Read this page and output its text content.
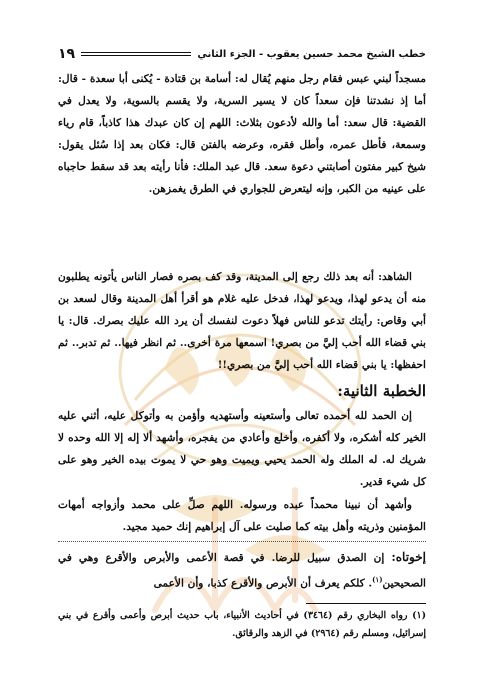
خطب الشيخ محمد حسين يعقوب - الجزء الثاني
١٩
مسجداً لبني عبس فقام رجل منهم يُقال له: أسامة بن قتادة - يُكنى أبا سعدة - قال: أما إذ نشدتنا فإن سعداً كان لا يسير السرية، ولا يقسم بالسوية، ولا يعدل في القضية: قال سعد: أما والله لأدعون بثلاث: اللهم إن كان عبدك هذا كاذباً، قام رياء وسمعة، فأطل عمره، وأطل فقره، وعرضه بالفتن قال: فكان بعد إذا سُئل يقول: شيخ كبير مفتون أصابتني دعوة سعد. قال عبد الملك: فأنا رأيته بعد قد سقط حاجباه على عينيه من الكبر، وإنه ليتعرض للجواري في الطرق يغمزهن.
الشاهد: أنه بعد ذلك رجع إلى المدينة، وقد كف بصره فصار الناس يأتونه يطلبون منه أن يدعو لهذا، ويدعو لهذا، فدخل عليه غلام هو أقرأ أهل المدينة وقال لسعد بن أبي وقاص: رأيتك تدعو للناس فهلاً دعوت لنفسك أن يرد الله عليك بصرك. قال: يا بني قضاء الله أحب إليَّ من بصري! اسمعها مرة أخرى.. ثم انظر فيها.. ثم تدبر.. ثم احفظها: يا بني قضاء الله أحب إليَّ من بصري!!
الخطبة الثانية:
إن الحمد لله أحمده تعالى وأستعينه وأستهديه وأؤمن به وأتوكل عليه، أثني عليه الخير كله أشكره، ولا أكفره، وأخلع وأعادي من يفجره، وأشهد ألا إله إلا الله وحده لا شريك له. له الملك وله الحمد يحيي ويميت وهو حي لا يموت بيده الخير وهو على كل شيء قدير.
وأشهد أن نبينا محمداً عبده ورسوله. اللهم صلِّ على محمد وأزواجه أمهات المؤمنين وذريته وأهل بيته كما صليت على آل إبراهيم إنك حميد مجيد.
إخوتاه: إن الصدق سبيل للرضا. في قصة الأعمى والأبرص والأقرع وهي في الصحيحين$^{(١)}$. كلكم يعرف أن الأبرص والأقرع كذبا، وأن الأعمى
(١) رواه البخاري رقم (٣٤٦٤) في أحاديث الأنبياء، باب حديث أبرص وأعمى وأقرع في بني إسرائيل، ومسلم رقم (٢٩٦٤) في الزهد والرقائق.
